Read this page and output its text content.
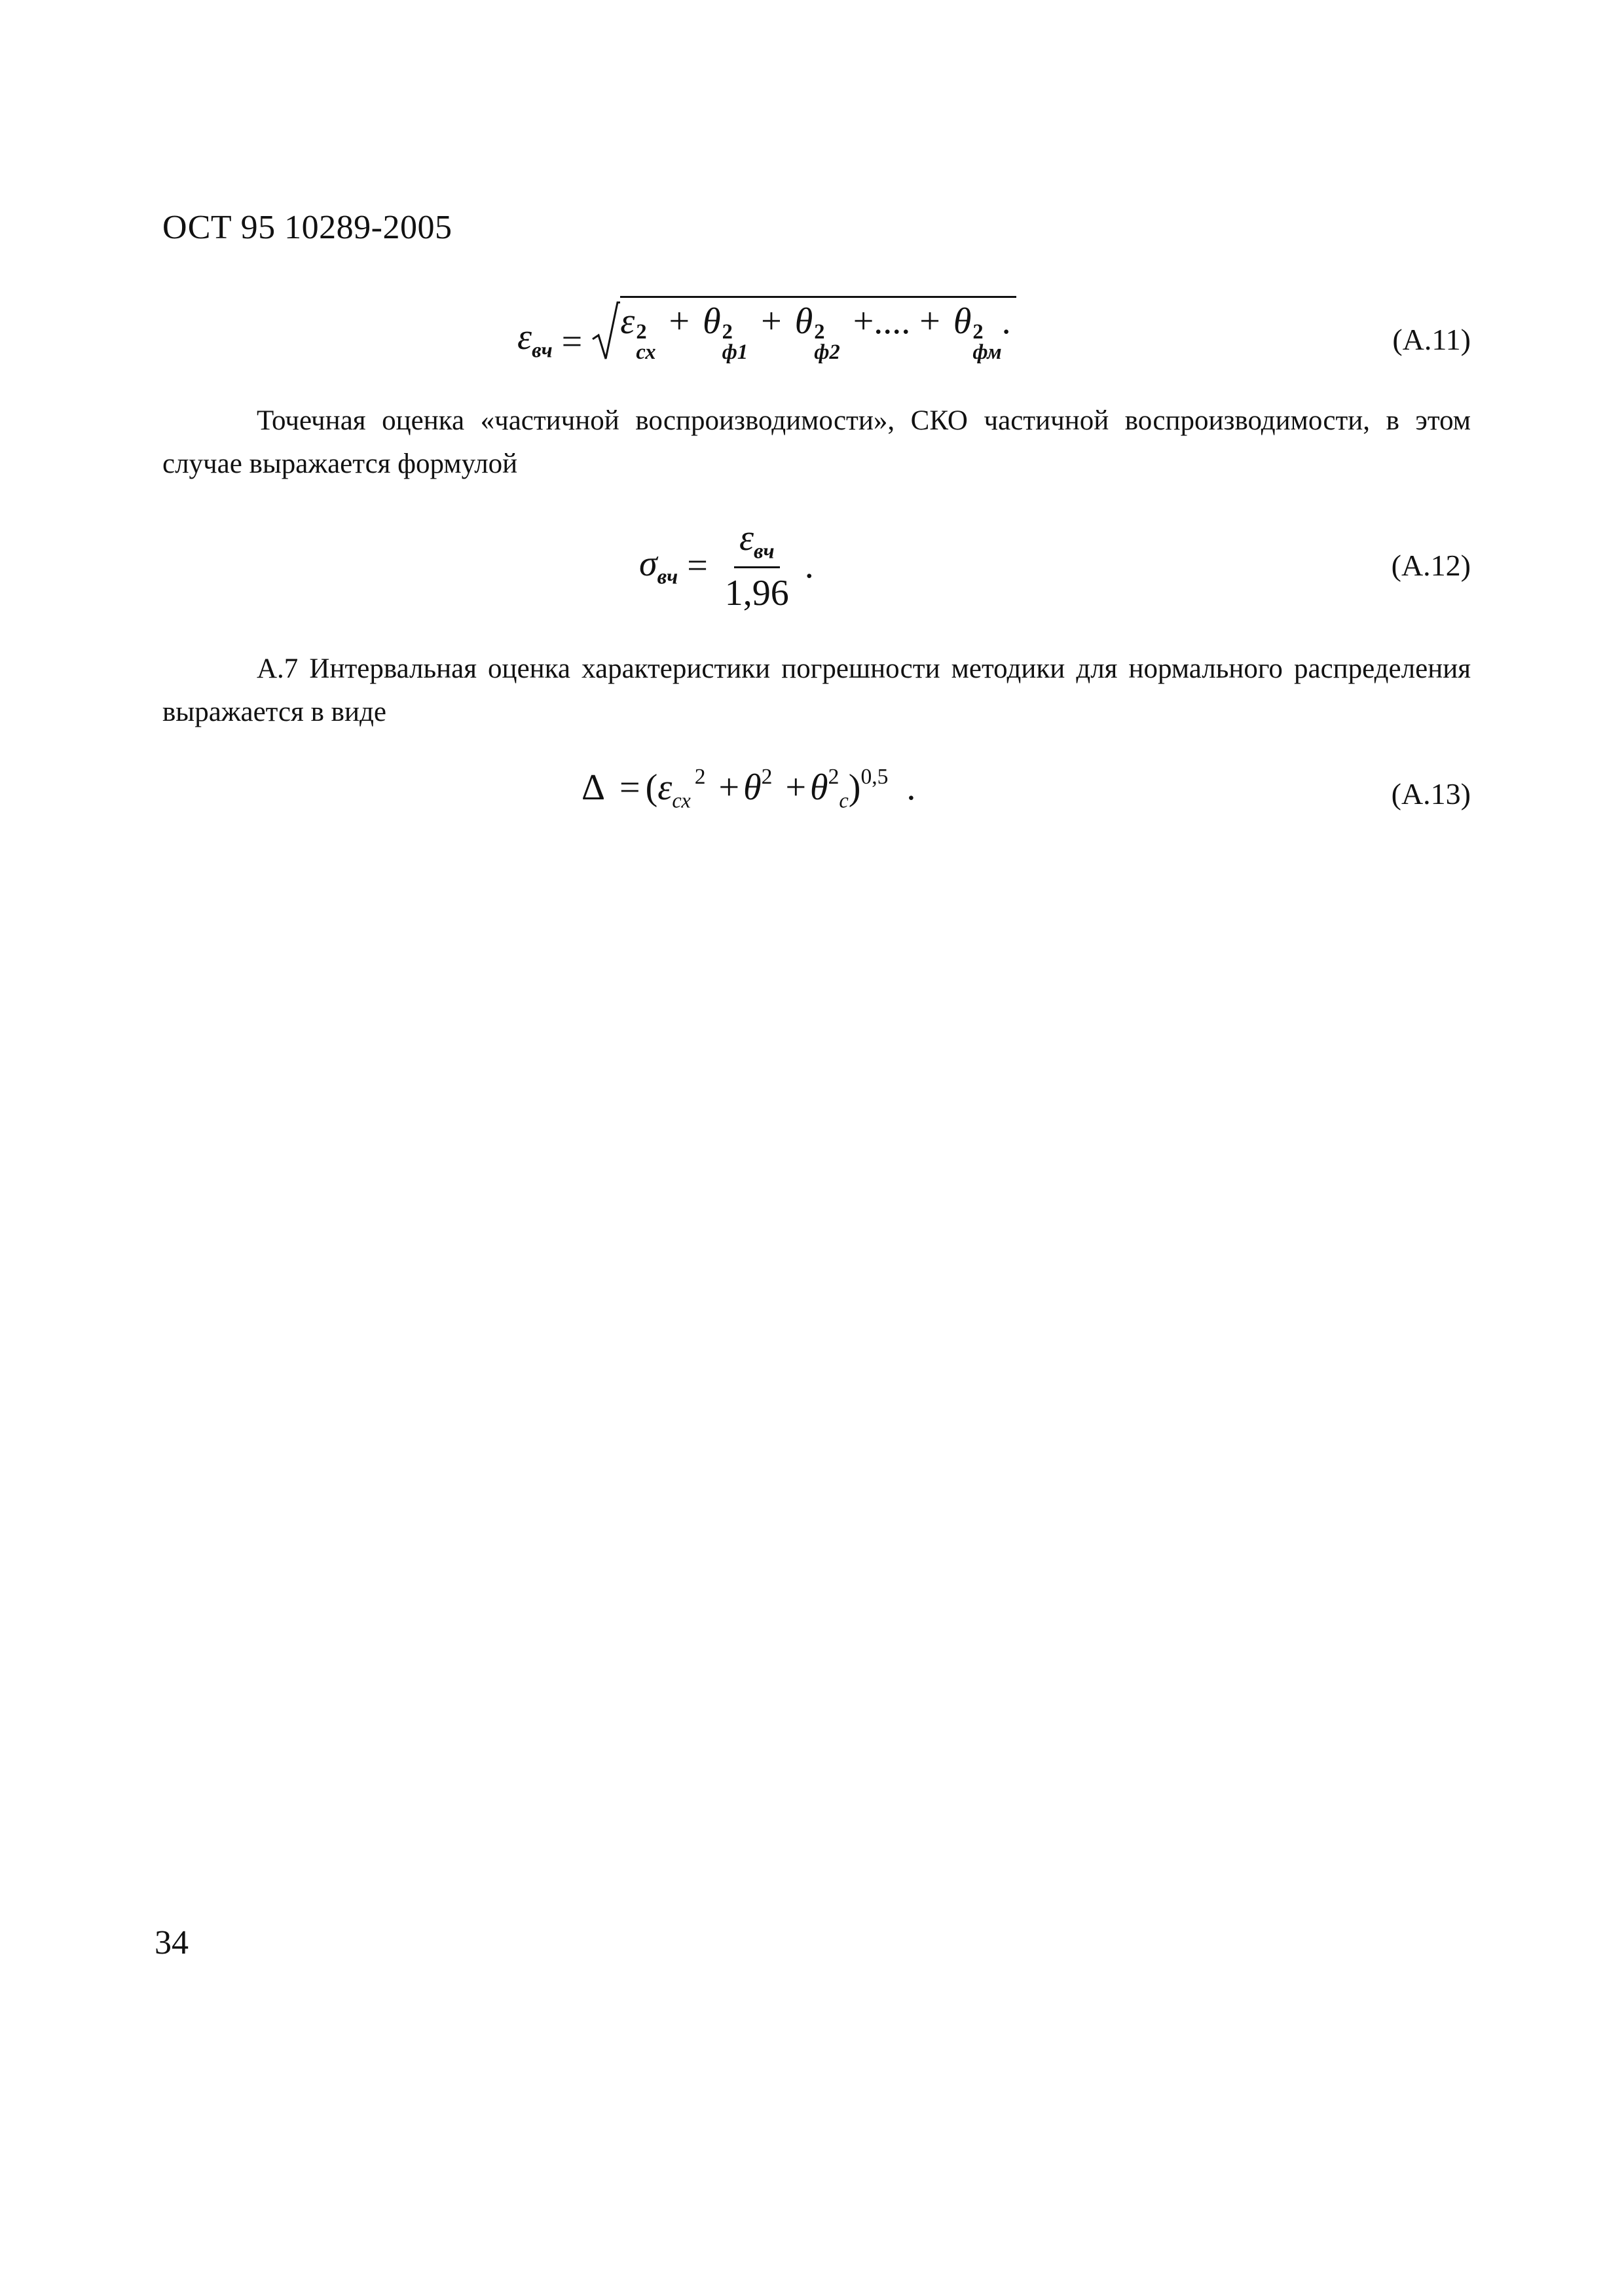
ОСТ 95 10289-2005
$\varepsilon_{вч} = \varepsilon$ 2
сх
+ θ 2
ф1
+ θ 2
ф2
+.... + θ 2
фм
.	(А.11)
Точечная оценка «частичной воспроизводимости», СКО частичной воспроизводимости, в этом случае выражается формулой
$\sigma_{вч} = \frac{\varepsilon_{вч}}{1,96}$ .	(А.12)
А.7 Интервальная оценка характеристики погрешности методики для нормального распределения выражается в виде
$\Delta = (\varepsilon_{сх}^2 + \theta^2 + \theta^2_с)^{0,5}$ .	(А.13)
34
